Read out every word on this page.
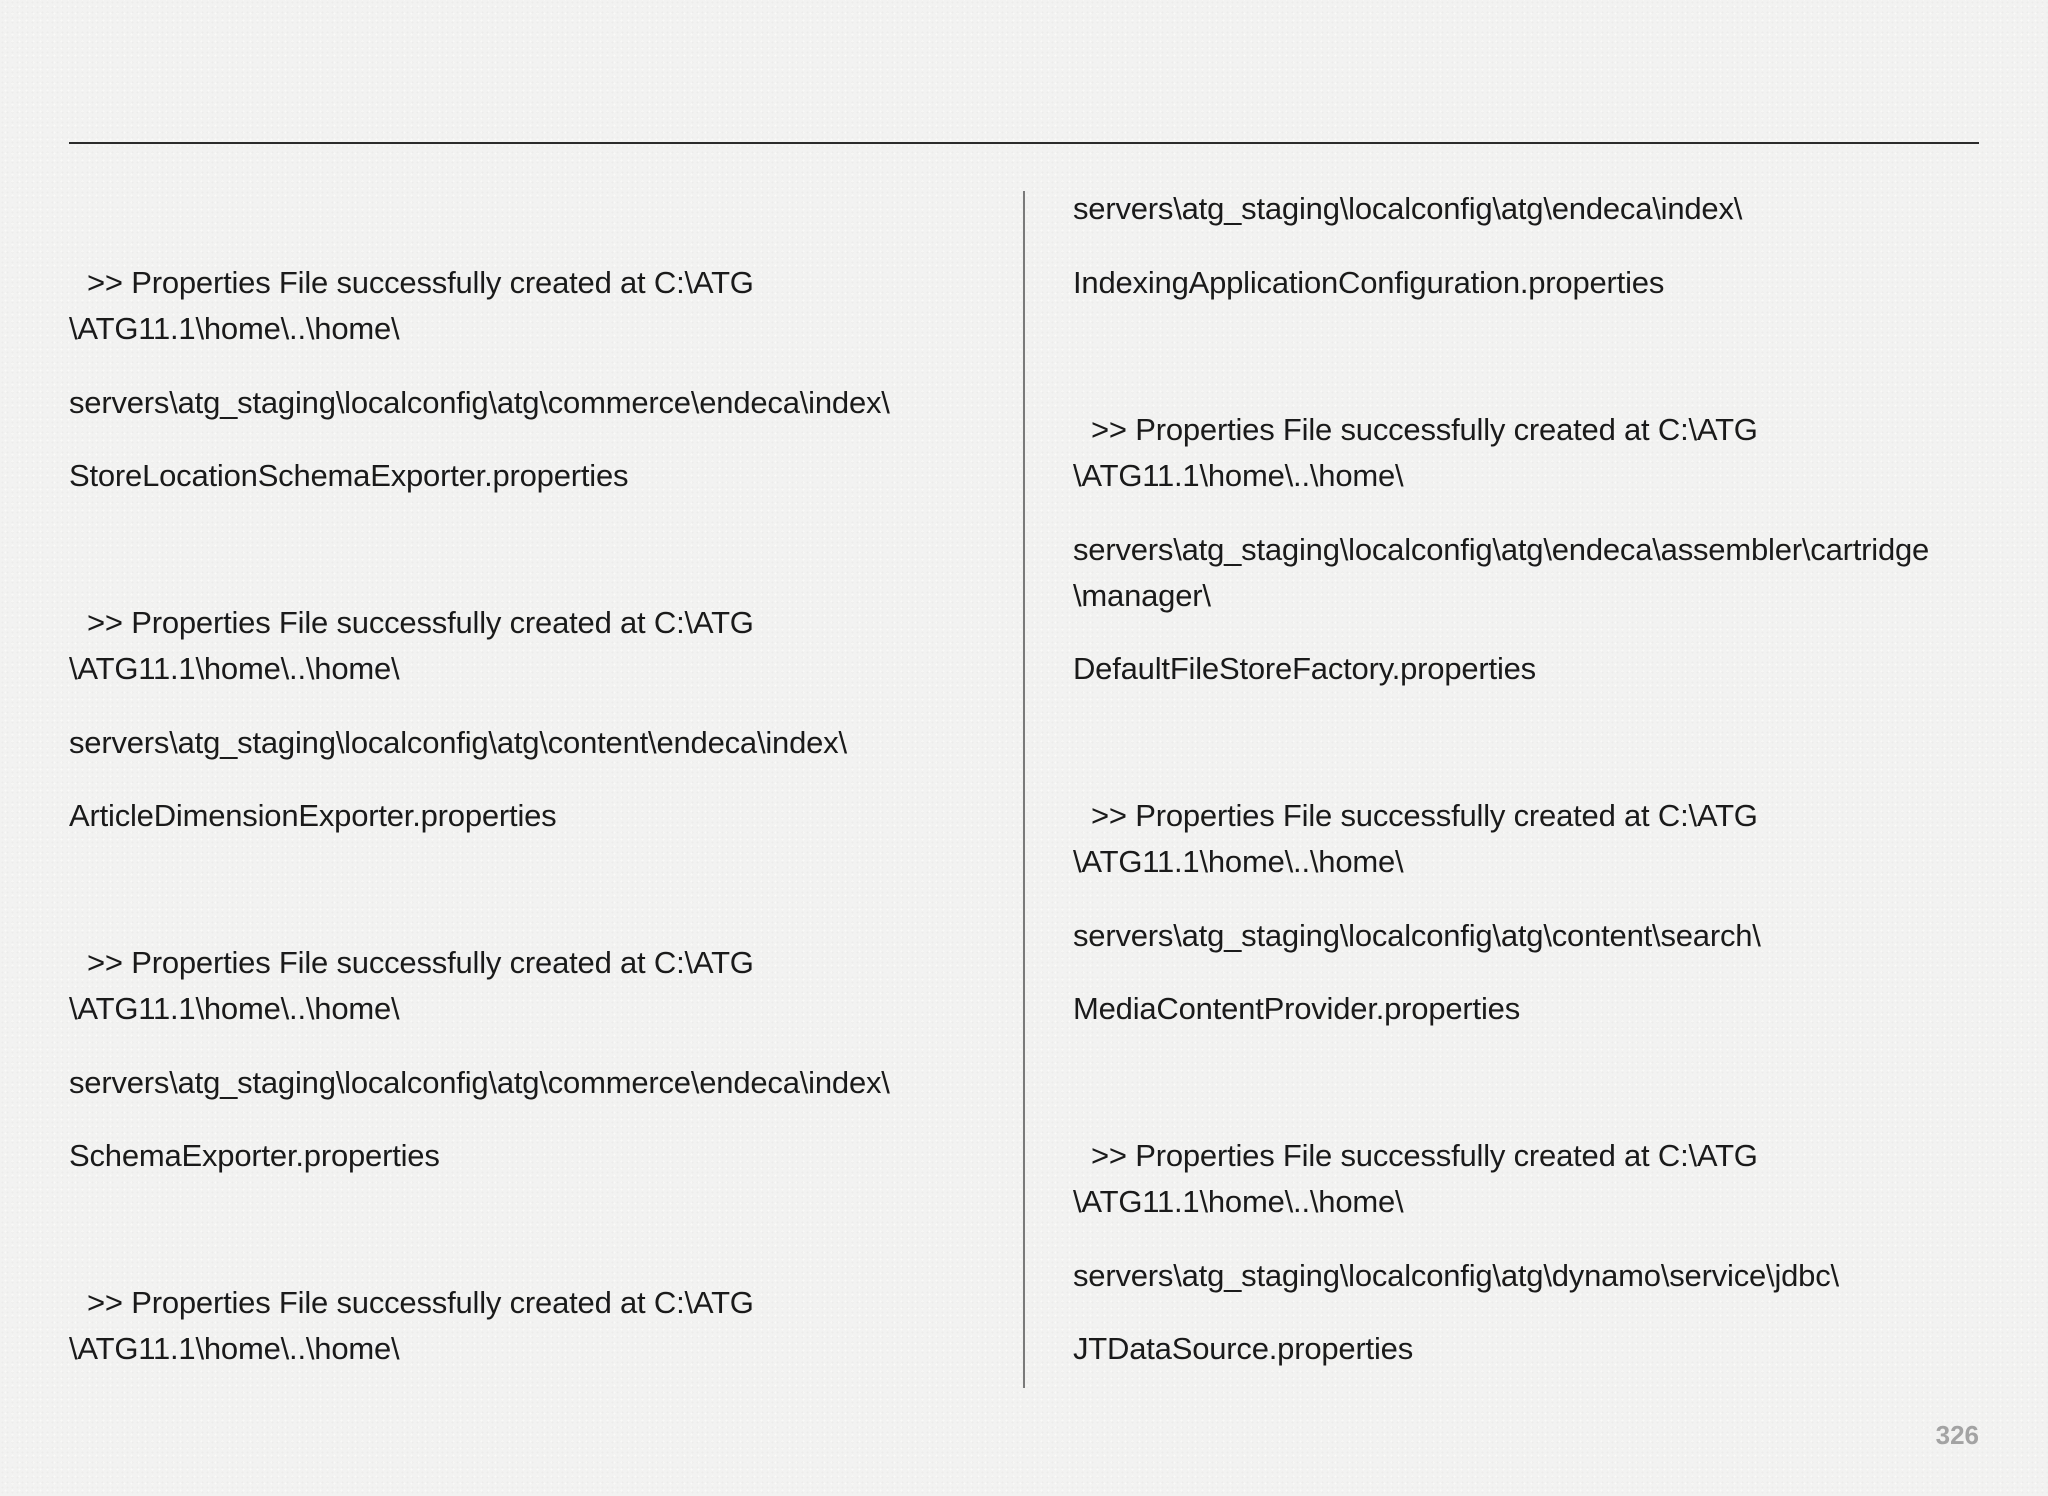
>> Properties File successfully created at C:\ATG
\ATG11.1\home\..\home\
servers\atg_staging\localconfig\atg\commerce\endeca\index\
StoreLocationSchemaExporter.properties
>> Properties File successfully created at C:\ATG
\ATG11.1\home\..\home\
servers\atg_staging\localconfig\atg\content\endeca\index\
ArticleDimensionExporter.properties
>> Properties File successfully created at C:\ATG
\ATG11.1\home\..\home\
servers\atg_staging\localconfig\atg\commerce\endeca\index\
SchemaExporter.properties
>> Properties File successfully created at C:\ATG
\ATG11.1\home\..\home\
servers\atg_staging\localconfig\atg\endeca\index\
IndexingApplicationConfiguration.properties
>> Properties File successfully created at C:\ATG
\ATG11.1\home\..\home\
servers\atg_staging\localconfig\atg\endeca\assembler\cartridge
\manager\
DefaultFileStoreFactory.properties
>> Properties File successfully created at C:\ATG
\ATG11.1\home\..\home\
servers\atg_staging\localconfig\atg\content\search\
MediaContentProvider.properties
>> Properties File successfully created at C:\ATG
\ATG11.1\home\..\home\
servers\atg_staging\localconfig\atg\dynamo\service\jdbc\
JTDataSource.properties
326
